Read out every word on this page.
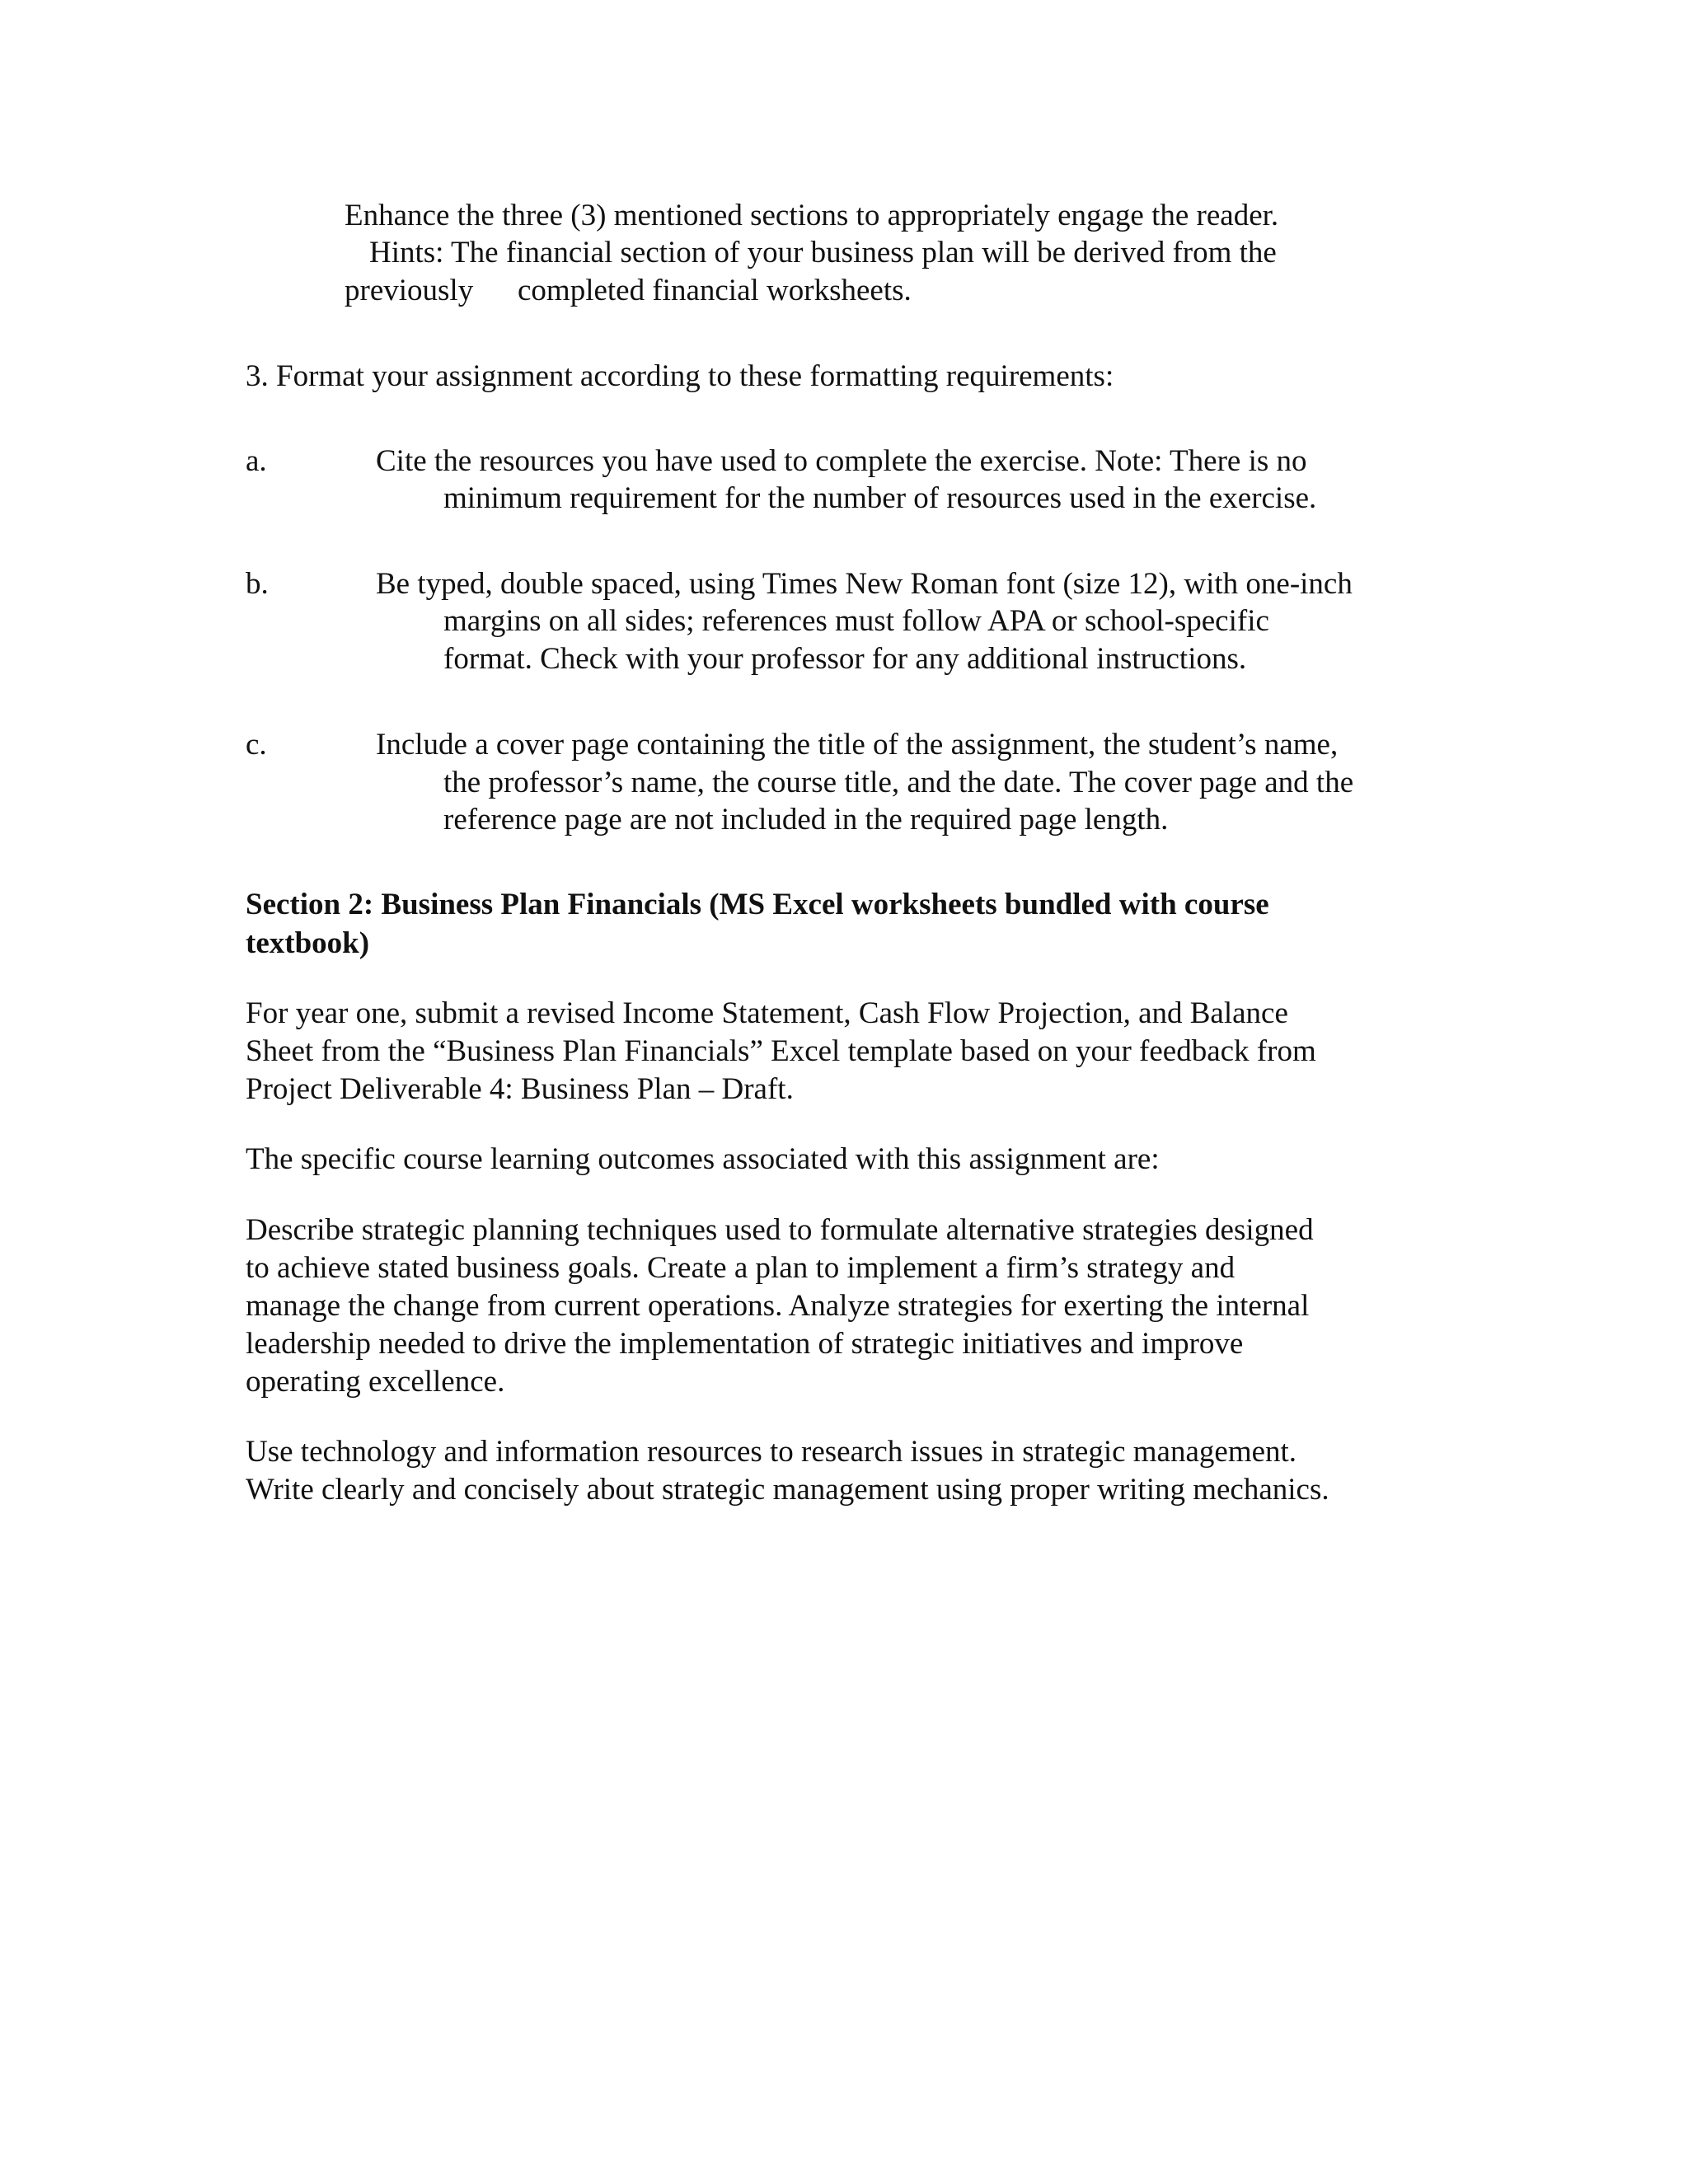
Enhance the three (3) mentioned sections to appropriately engage the reader.

Hints: The financial section of your business plan will be derived from the

previously completed financial worksheets.

3. Format your assignment according to these formatting requirements:

a.	Cite the resources you have used to complete the exercise. Note: There is no

minimum requirement for the number of resources used in the exercise.

b.	Be typed, double spaced, using Times New Roman font (size 12), with one-inch

margins on all sides; references must follow APA or school-specific

format. Check with your professor for any additional instructions.

c.	Include a cover page containing the title of the assignment, the student’s name,

the professor’s name, the course title, and the date. The cover page and the

reference page are not included in the required page length.

Section 2: Business Plan Financials (MS Excel worksheets bundled with course

textbook)

For year one, submit a revised Income Statement, Cash Flow Projection, and Balance

Sheet from the “Business Plan Financials” Excel template based on your feedback from

Project Deliverable 4: Business Plan – Draft.

The specific course learning outcomes associated with this assignment are:

Describe strategic planning techniques used to formulate alternative strategies designed

to achieve stated business goals. Create a plan to implement a firm’s strategy and

manage the change from current operations. Analyze strategies for exerting the internal

leadership needed to drive the implementation of strategic initiatives and improve

operating excellence.

Use technology and information resources to research issues in strategic management.

Write clearly and concisely about strategic management using proper writing mechanics.
